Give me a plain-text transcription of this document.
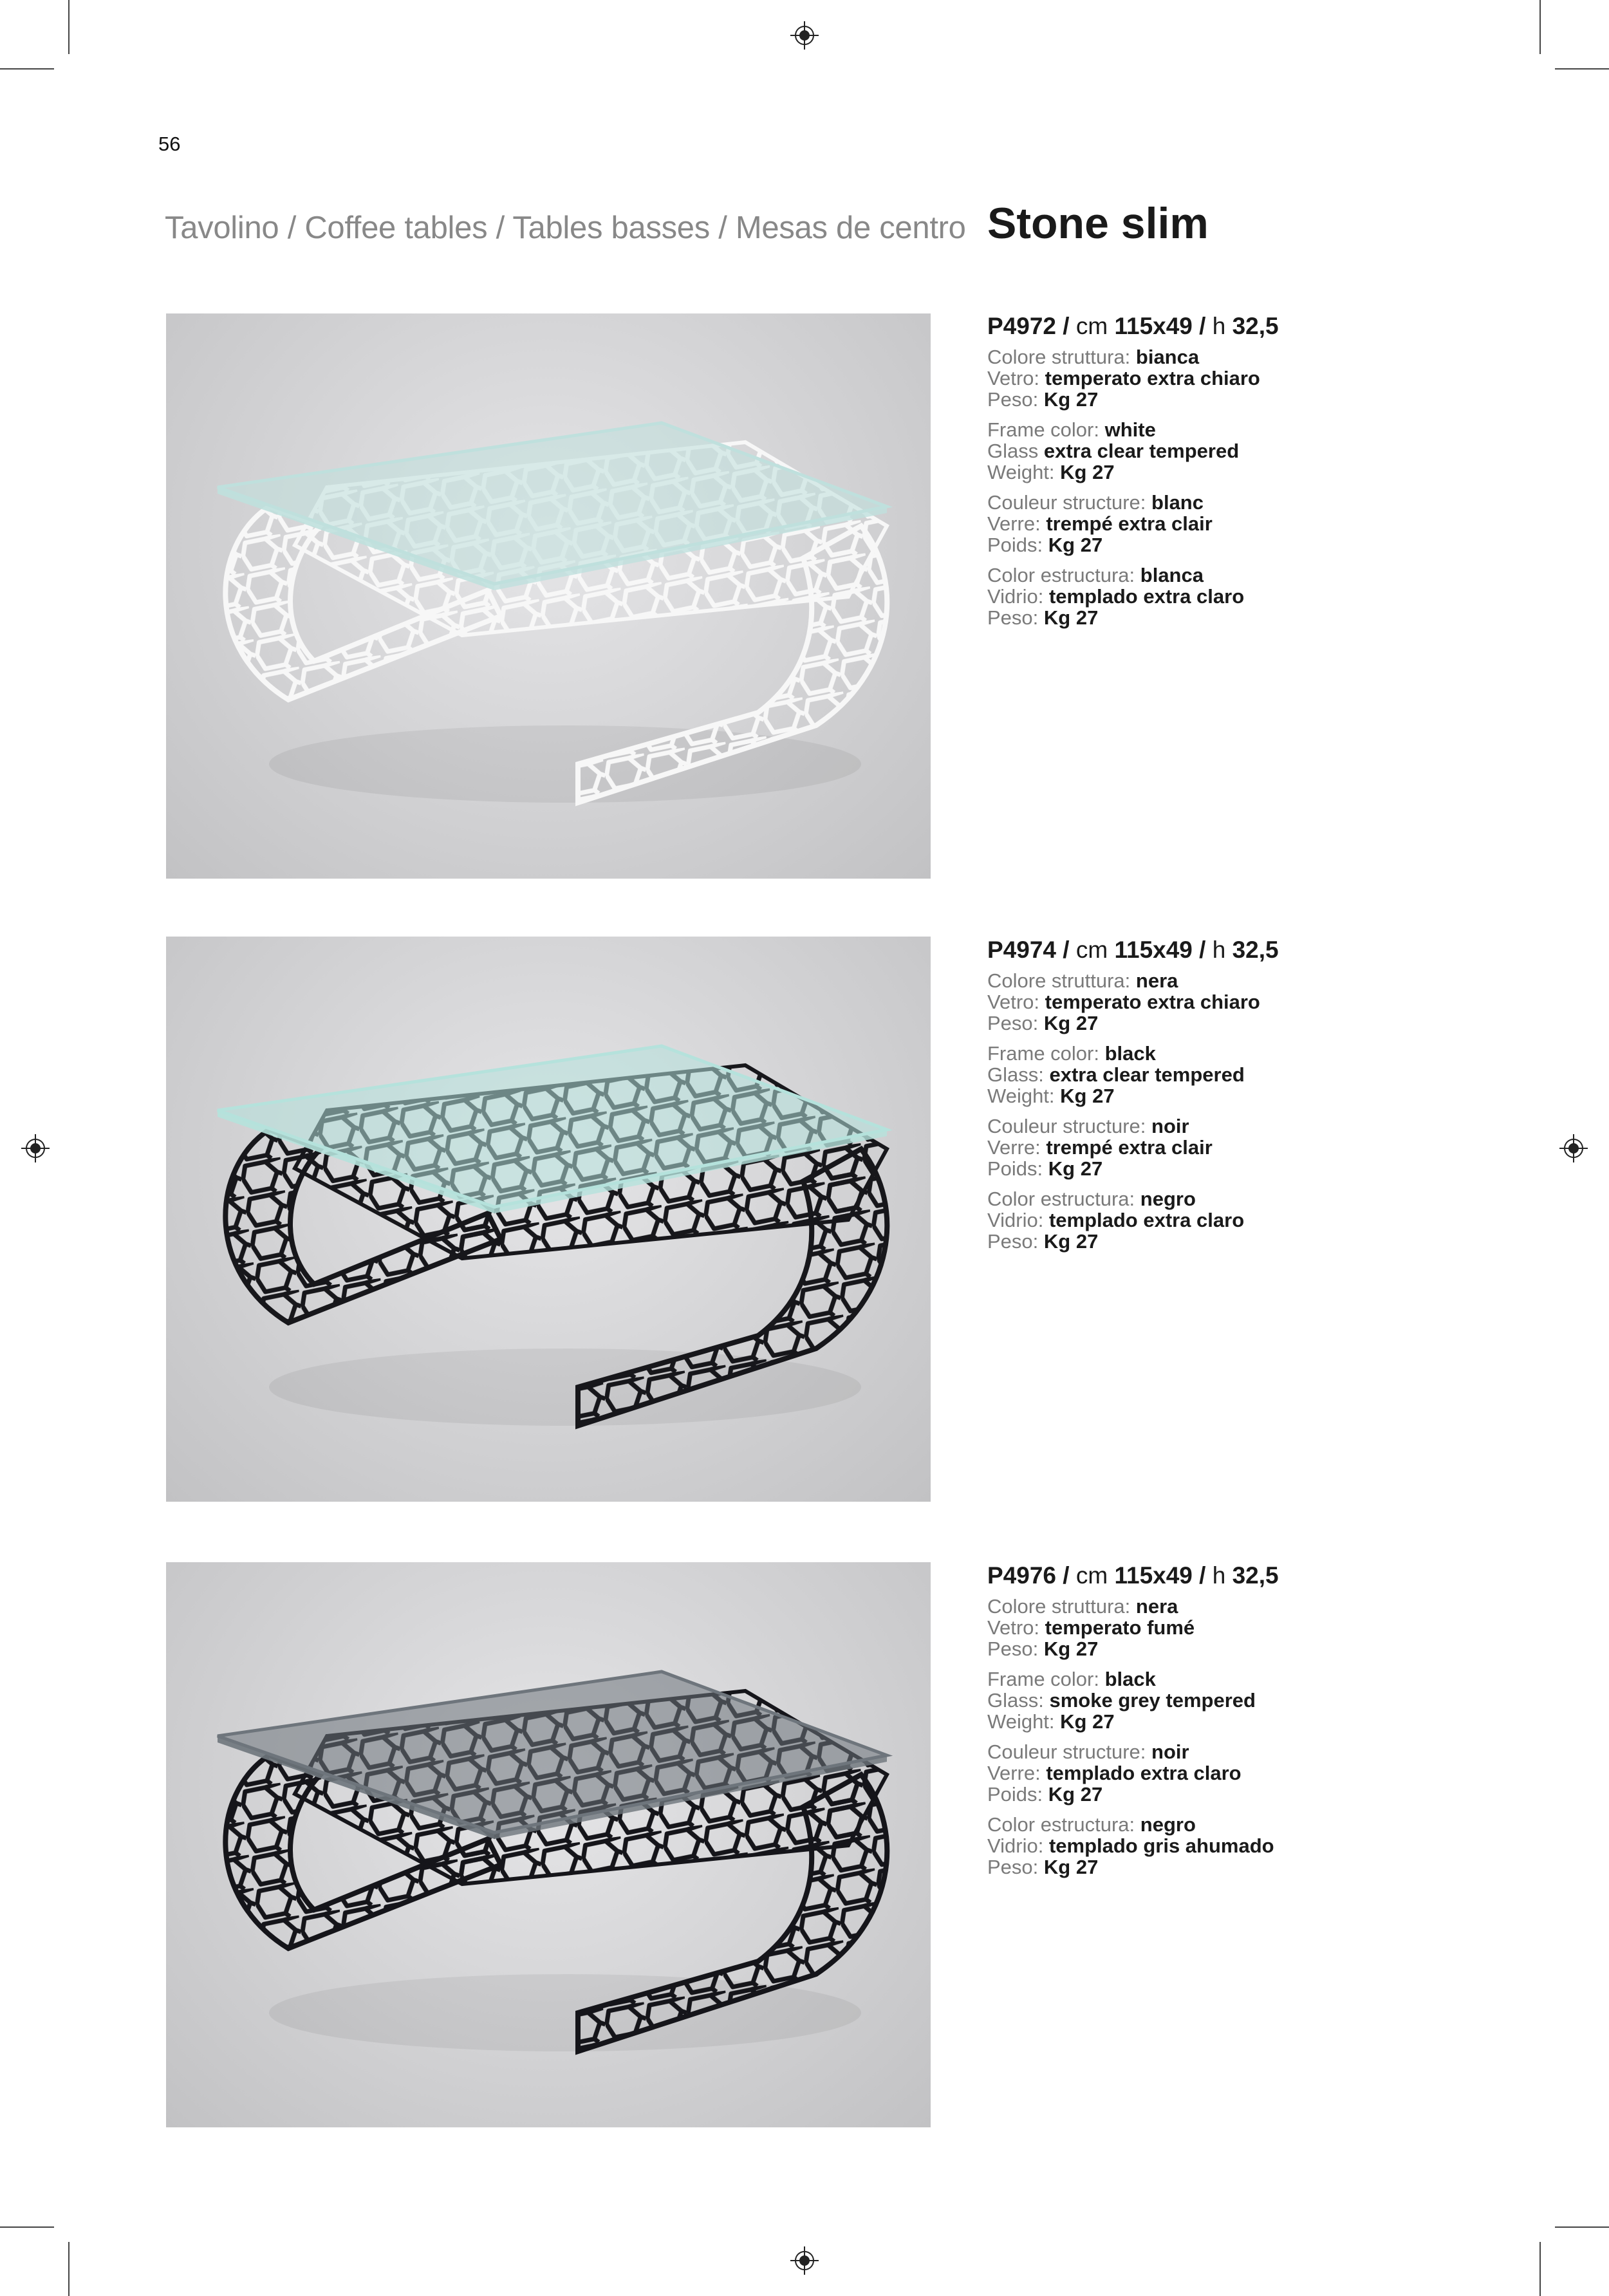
56
Tavolino / Coffee tables / Tables basses / Mesas de centro Stone slim
P4972 / cm 115x49 / h 32,5
Colore struttura: bianca
Vetro: temperato extra chiaro
Peso: Kg 27
Frame color: white
Glass extra clear tempered
Weight: Kg 27
Couleur structure: blanc
Verre: trempé extra clair
Poids: Kg 27
Color estructura: blanca
Vidrio: templado extra claro
Peso: Kg 27
P4974 / cm 115x49 / h 32,5
Colore struttura: nera
Vetro: temperato extra chiaro
Peso: Kg 27
Frame color: black
Glass: extra clear tempered
Weight: Kg 27
Couleur structure: noir
Verre: trempé extra clair
Poids: Kg 27
Color estructura: negro
Vidrio: templado extra claro
Peso: Kg 27
P4976 / cm 115x49 / h 32,5
Colore struttura: nera
Vetro: temperato fumé
Peso: Kg 27
Frame color: black
Glass: smoke grey tempered
Weight: Kg 27
Couleur structure: noir
Verre: templado extra claro
Poids: Kg 27
Color estructura: negro
Vidrio: templado gris ahumado
Peso: Kg 27
